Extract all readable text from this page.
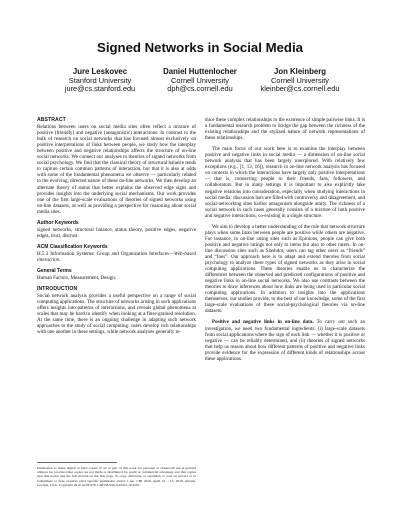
Signed Networks in Social Media
Jure Leskovec
Stanford University
jure@cs.stanford.edu
Daniel Huttenlocher
Cornell University
dph@cs.cornell.edu
Jon Kleinberg
Cornell University
kleinber@cs.cornell.edu
ABSTRACT
Relations between users on social media sites often reflect a mixture of positive (friendly) and negative (antagonistic) interactions. In contrast to the bulk of research on social networks that has focused almost exclusively on positive interpretations of links between people, we study how the interplay between positive and negative relationships affects the structure of on-line social networks. We connect our analyses to theories of signed networks from social psychology. We find that the classical theory of structural balance tends to capture certain common patterns of interaction, but that it is also at odds with some of the fundamental phenomena we observe — particularly related to the evolving, directed nature of these on-line networks. We then develop an alternate theory of status that better explains the observed edge signs and provides insights into the underlying social mechanisms. Our work provides one of the first large-scale evaluations of theories of signed networks using on-line datasets, as well as providing a perspective for reasoning about social media sites.
Author Keywords
signed networks, structural balance, status theory, positive edges, negative edges, trust, distrust.
ACM Classification Keywords
H.5.3 Information Systems: Group and Organization Interfaces—Web-based interaction.
General Terms
Human Factors, Measurement, Design.
INTRODUCTION
Social network analysis provides a useful perspective on a range of social computing applications. The structure of networks arising in such applications offers insights into patterns of interactions, and reveals global phenomena at scales that may be hard to identify when looking at a finer-grained resolution. At the same time, there is an ongoing challenge in adapting such network approaches to the study of social computing: users develop rich relationships with one another in these settings, while network analyses generally re-
Permission to make digital or hard copies of all or part of this work for personal or classroom use is granted without fee provided that copies are not made or distributed for profit or commercial advantage and that copies bear this notice and the full citation on the first page. To copy otherwise, or republish, to post on servers or to redistribute to lists, requires prior specific permission and/or a fee. CHI 2010, April 10 – 15, 2010, Atlanta, Georgia, USA. Copyright 2010 ACM 978-1-60558-929-9/10/04...$10.00.
duce these complex relationships to the existence of simple pairwise links. It is a fundamental research problem to bridge the gap between the richness of the existing relationships and the stylized nature of network representations of these relationships.
The main focus of our work here is to examine the interplay between positive and negative links in social media — a dimension of on-line social network analysis that has been largely unexplored. With relatively few exceptions (e.g., [1, 13, 16]), research in on-line network analysis has focused on contexts in which the interactions have largely only positive interpretations — that is, connecting people to their friends, fans, followers, and collaborators. But in many settings it is important to also explicitly take negative relations into consideration, especially when studying interactions in social media: discussion lists are filled with controversy and disagreement, and social-networking sites harbor antagonism alongside amity. The richness of a social network in such cases generally consists of a mixture of both positive and negative interactions, co-existing in a single structure.
We aim to develop a better understanding of the role that network structure plays when some links between people are positive while others are negative. For instance, in on-line rating sites such as Epinions, people can give both positive and negative ratings not only to items but also to other raters. In on-line discussion sites such as Slashdot, users can tag other users as “friends” and “foes”. Our approach here is to adapt and extend theories from social psychology to analyze these types of signed networks as they arise in social computing applications. These theories enable us to characterize the differences between the observed and predicted configurations of positive and negative links in on-line social networks. We also use contrasts between the theories to draw inferences about how links are being used in particular social computing applications. In addition to insights into the applications themselves, our studies provide, to the best of our knowledge, some of the first large-scale evaluations of these social-psychological theories via on-line datasets.
Positive and negative links in on-line data. To carry out such an investigation, we need two fundamental ingredients: (i) large-scale datasets from social applications where the sign of each link — whether it is positive or negative — can be reliably determined, and (ii) theories of signed networks that help us reason about how different patterns of positive and negative links provide evidence for the expression of different kinds of relationships across these applications.
